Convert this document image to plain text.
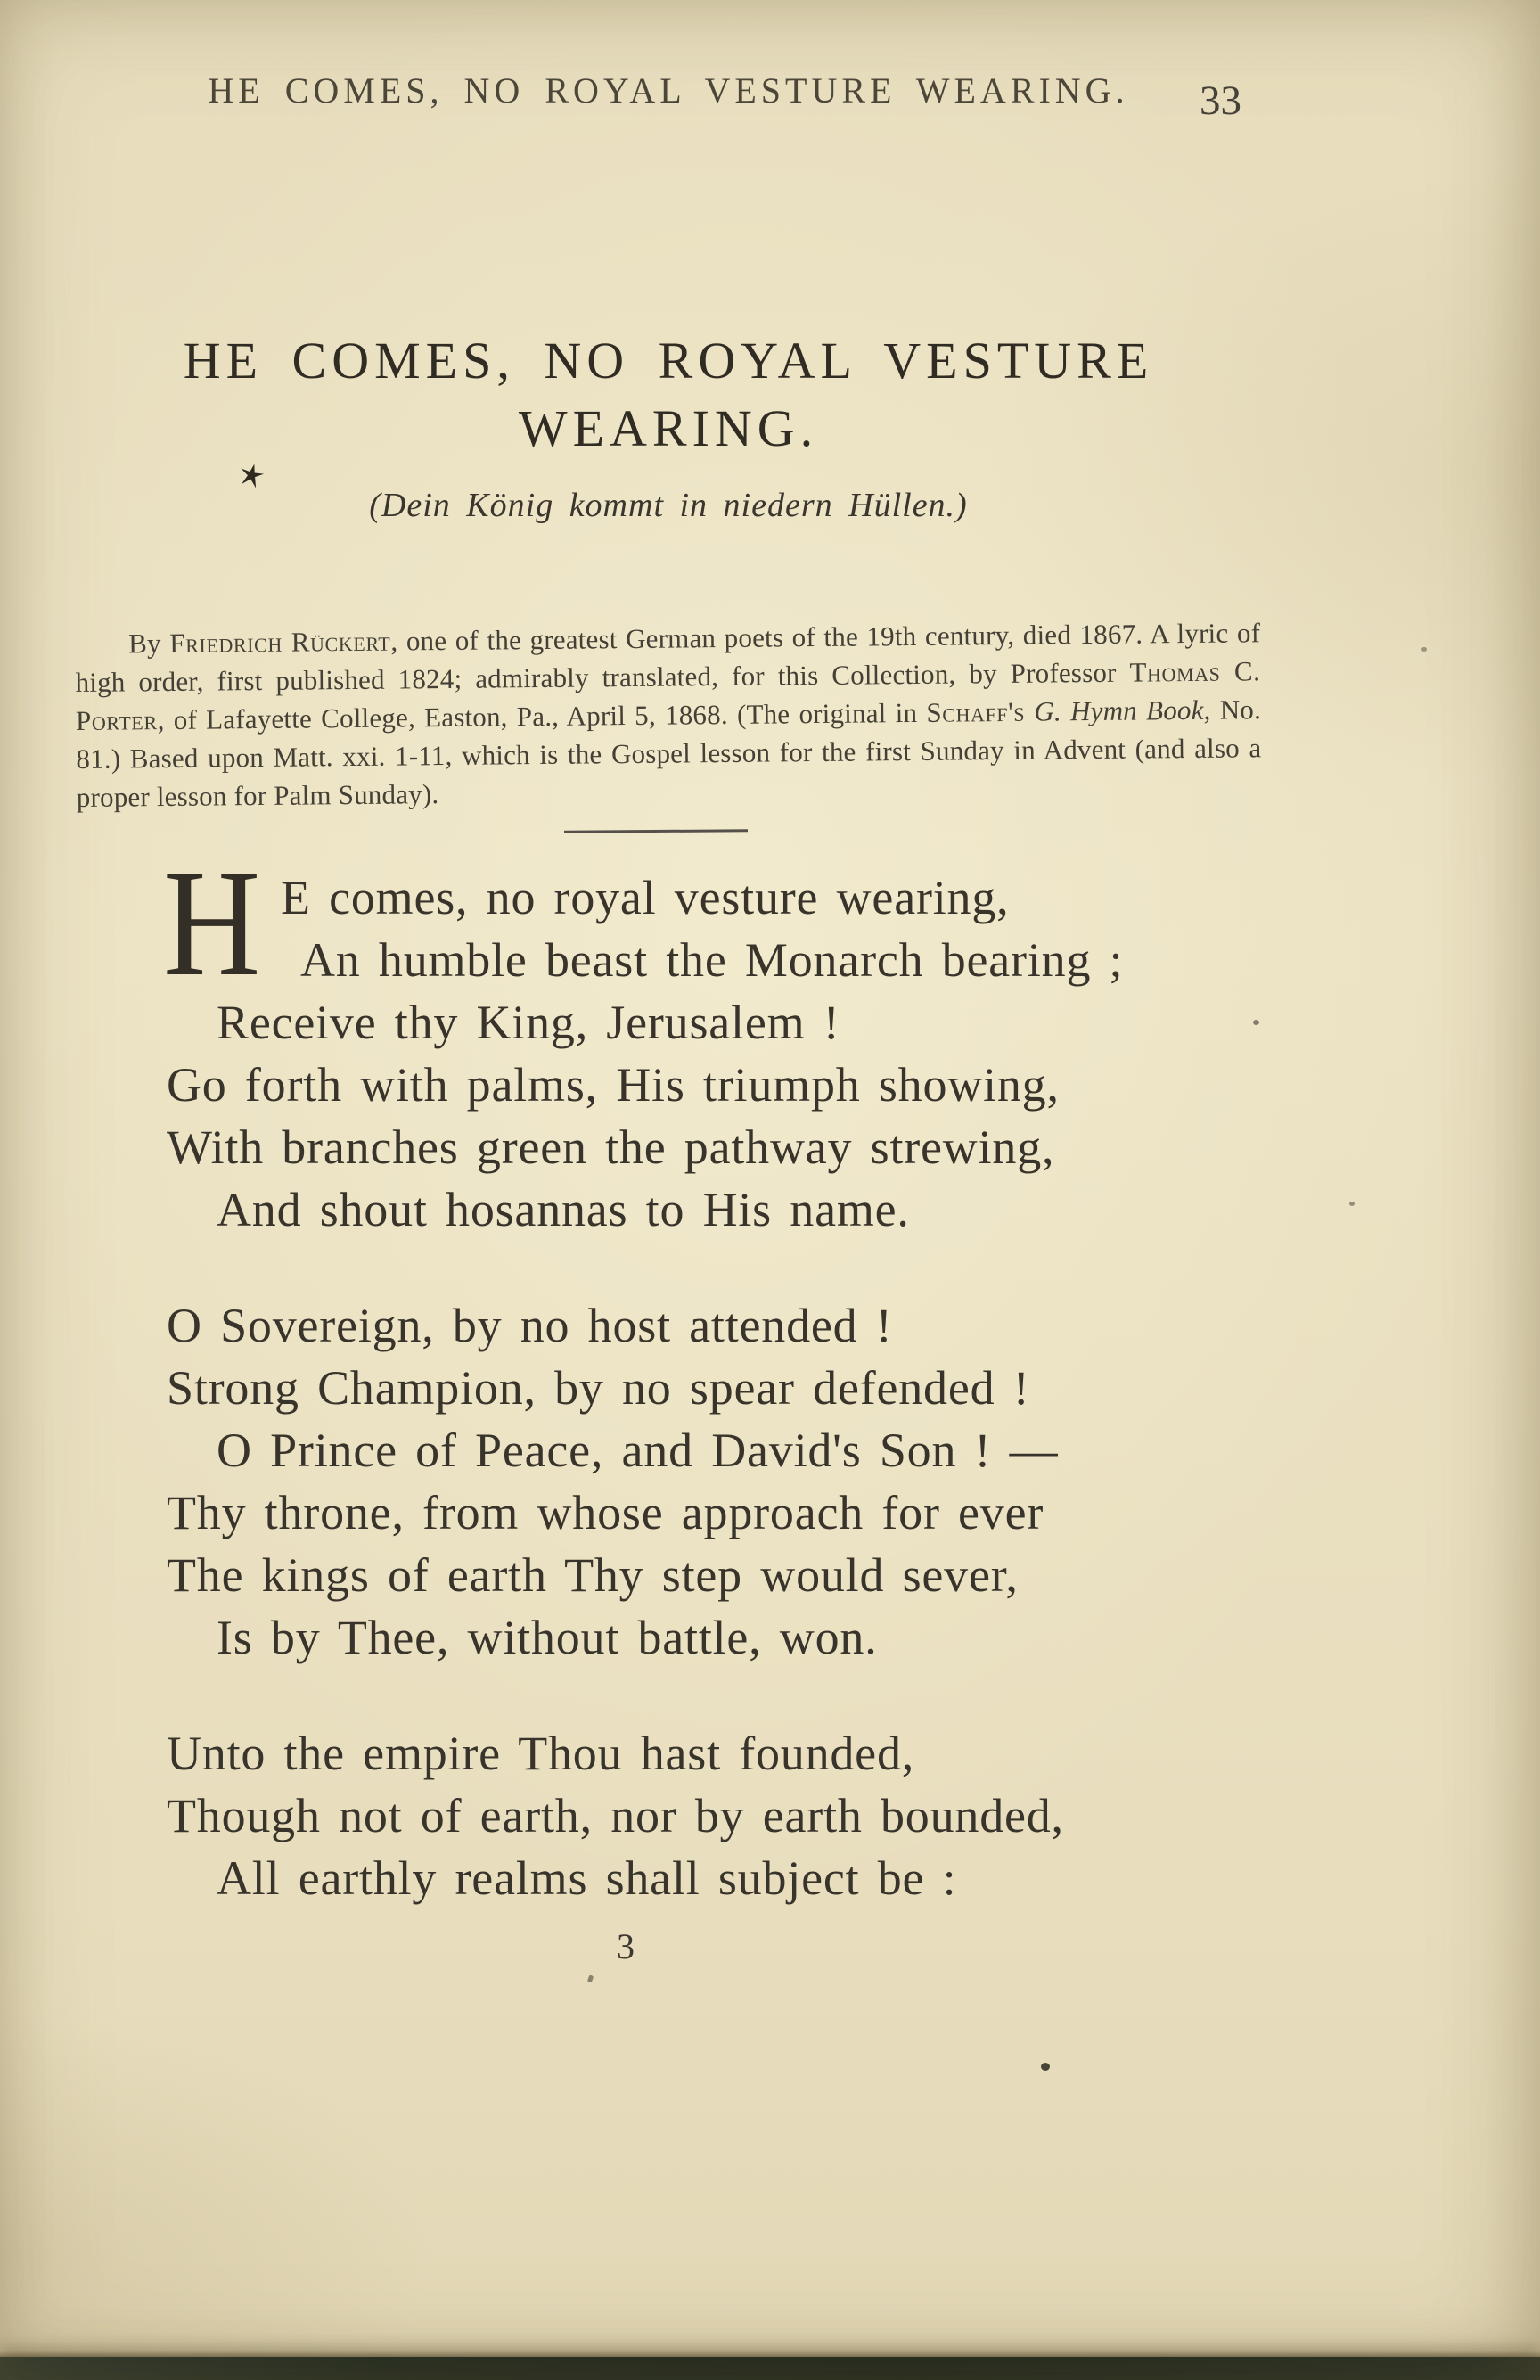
HE COMES, NO ROYAL VESTURE WEARING. 33
HE COMES, NO ROYAL VESTURE
WEARING.
(Dein König kommt in niedern Hüllen.)

By Friedrich Rückert, one of the greatest German poets of the 19th century, died 1867. A lyric of high order, first published 1824; admirably translated, for this Collection, by Professor Thomas C. Porter, of Lafayette College, Easton, Pa., April 5, 1868. (The original in Schaff's G. Hymn Book, No. 81.) Based upon Matt. xxi. 1-11, which is the Gospel lesson for the first Sunday in Advent (and also a proper lesson for Palm Sunday).

H E comes, no royal vesture wearing,
An humble beast the Monarch bearing ;
Receive thy King, Jerusalem !
Go forth with palms, His triumph showing,
With branches green the pathway strewing,
And shout hosannas to His name.
O Sovereign, by no host attended !
Strong Champion, by no spear defended !
O Prince of Peace, and David's Son ! —
Thy throne, from whose approach for ever
The kings of earth Thy step would sever,
Is by Thee, without battle, won.
Unto the empire Thou hast founded,
Though not of earth, nor by earth bounded,
All earthly realms shall subject be :
3
